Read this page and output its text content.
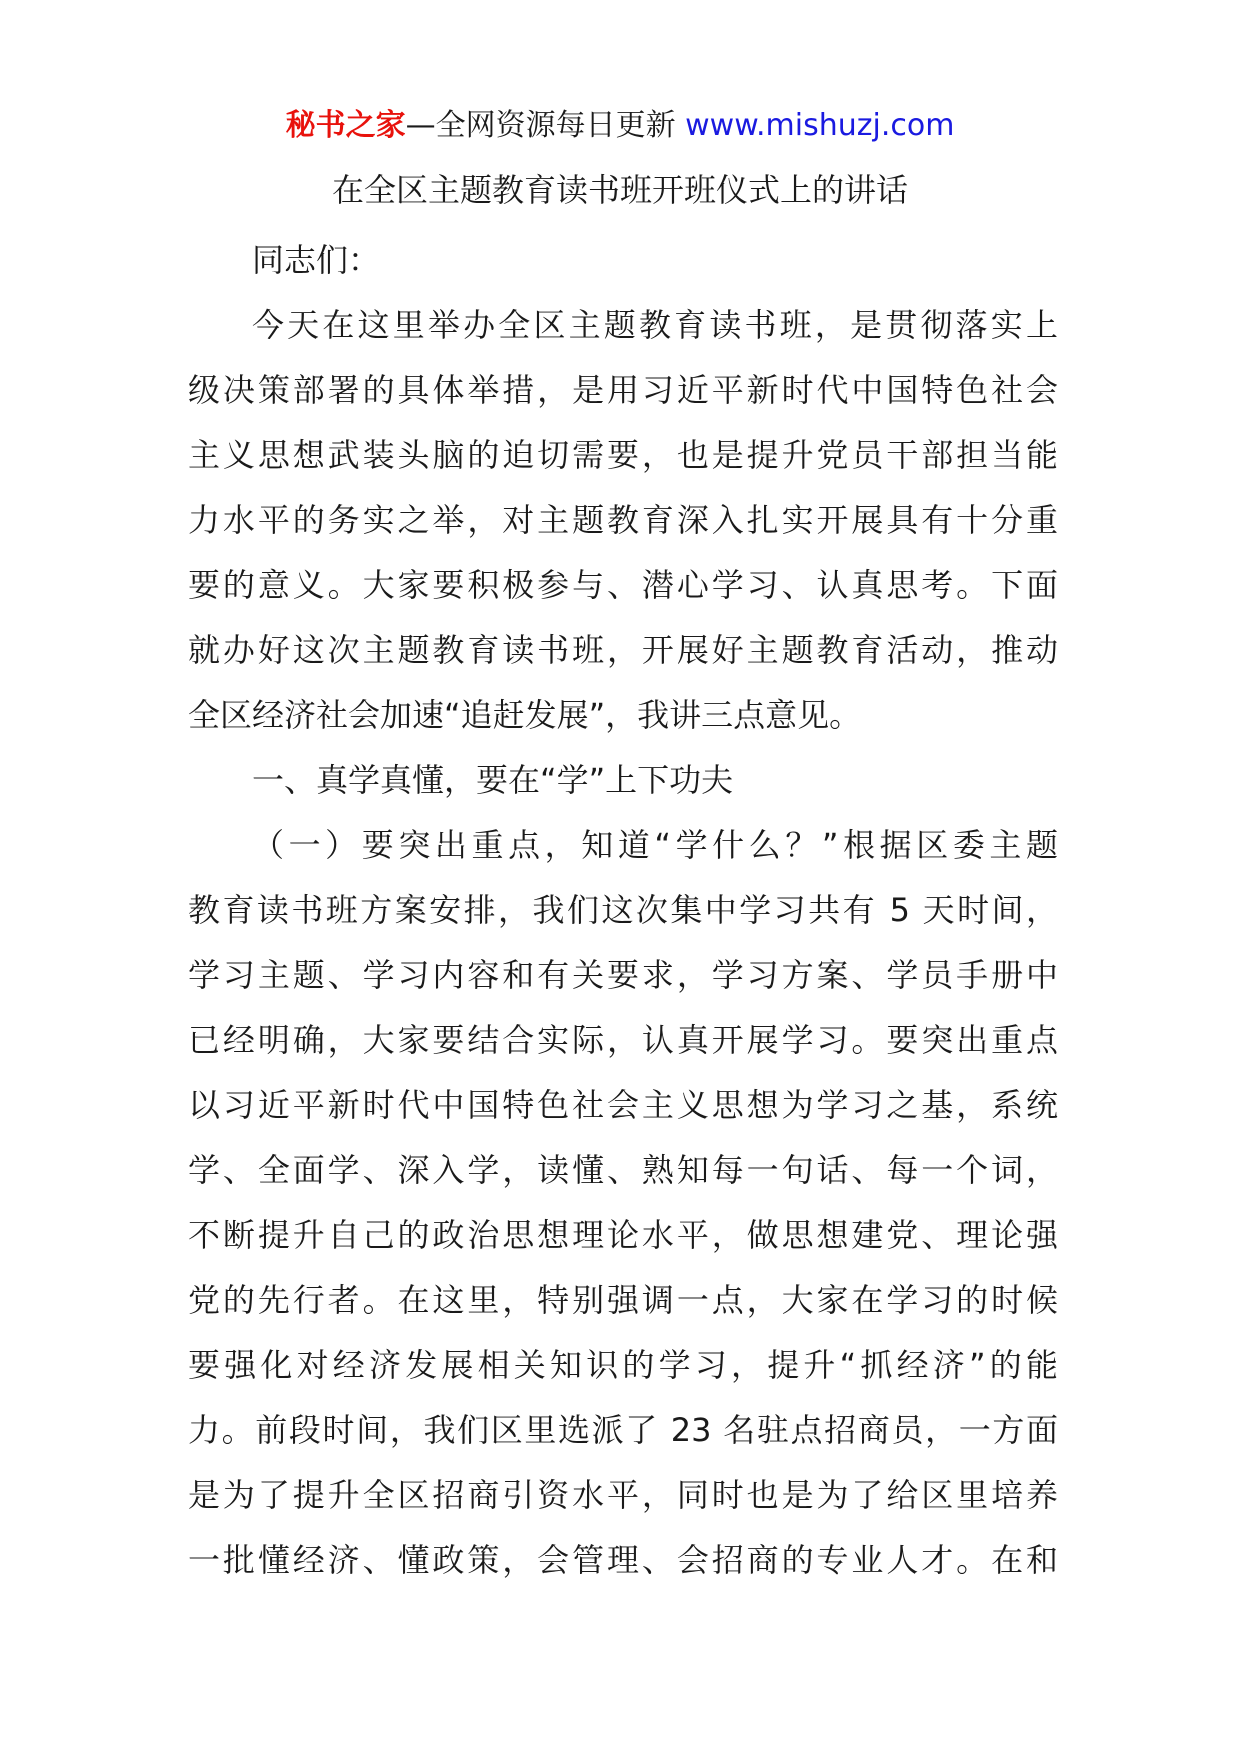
秘书之家—全网资源每日更新 www.mishuzj.com
在全区主题教育读书班开班仪式上的讲话
同志们：
今天在这里举办全区主题教育读书班，是贯彻落实上
级决策部署的具体举措，是用习近平新时代中国特色社会
主义思想武装头脑的迫切需要，也是提升党员干部担当能
力水平的务实之举，对主题教育深入扎实开展具有十分重
要的意义。大家要积极参与、潜心学习、认真思考。下面
就办好这次主题教育读书班，开展好主题教育活动，推动
全区经济社会加速“追赶发展”，我讲三点意见。
一、真学真懂，要在“学”上下功夫
（一）要突出重点，知道“学什么？”根据区委主题
教育读书班方案安排，我们这次集中学习共有 5 天时间，
学习主题、学习内容和有关要求，学习方案、学员手册中
已经明确，大家要结合实际，认真开展学习。要突出重点
以习近平新时代中国特色社会主义思想为学习之基，系统
学、全面学、深入学，读懂、熟知每一句话、每一个词，
不断提升自己的政治思想理论水平，做思想建党、理论强
党的先行者。在这里，特别强调一点，大家在学习的时候
要强化对经济发展相关知识的学习，提升“抓经济”的能
力。前段时间，我们区里选派了 23 名驻点招商员，一方面
是为了提升全区招商引资水平，同时也是为了给区里培养
一批懂经济、懂政策，会管理、会招商的专业人才。在和
